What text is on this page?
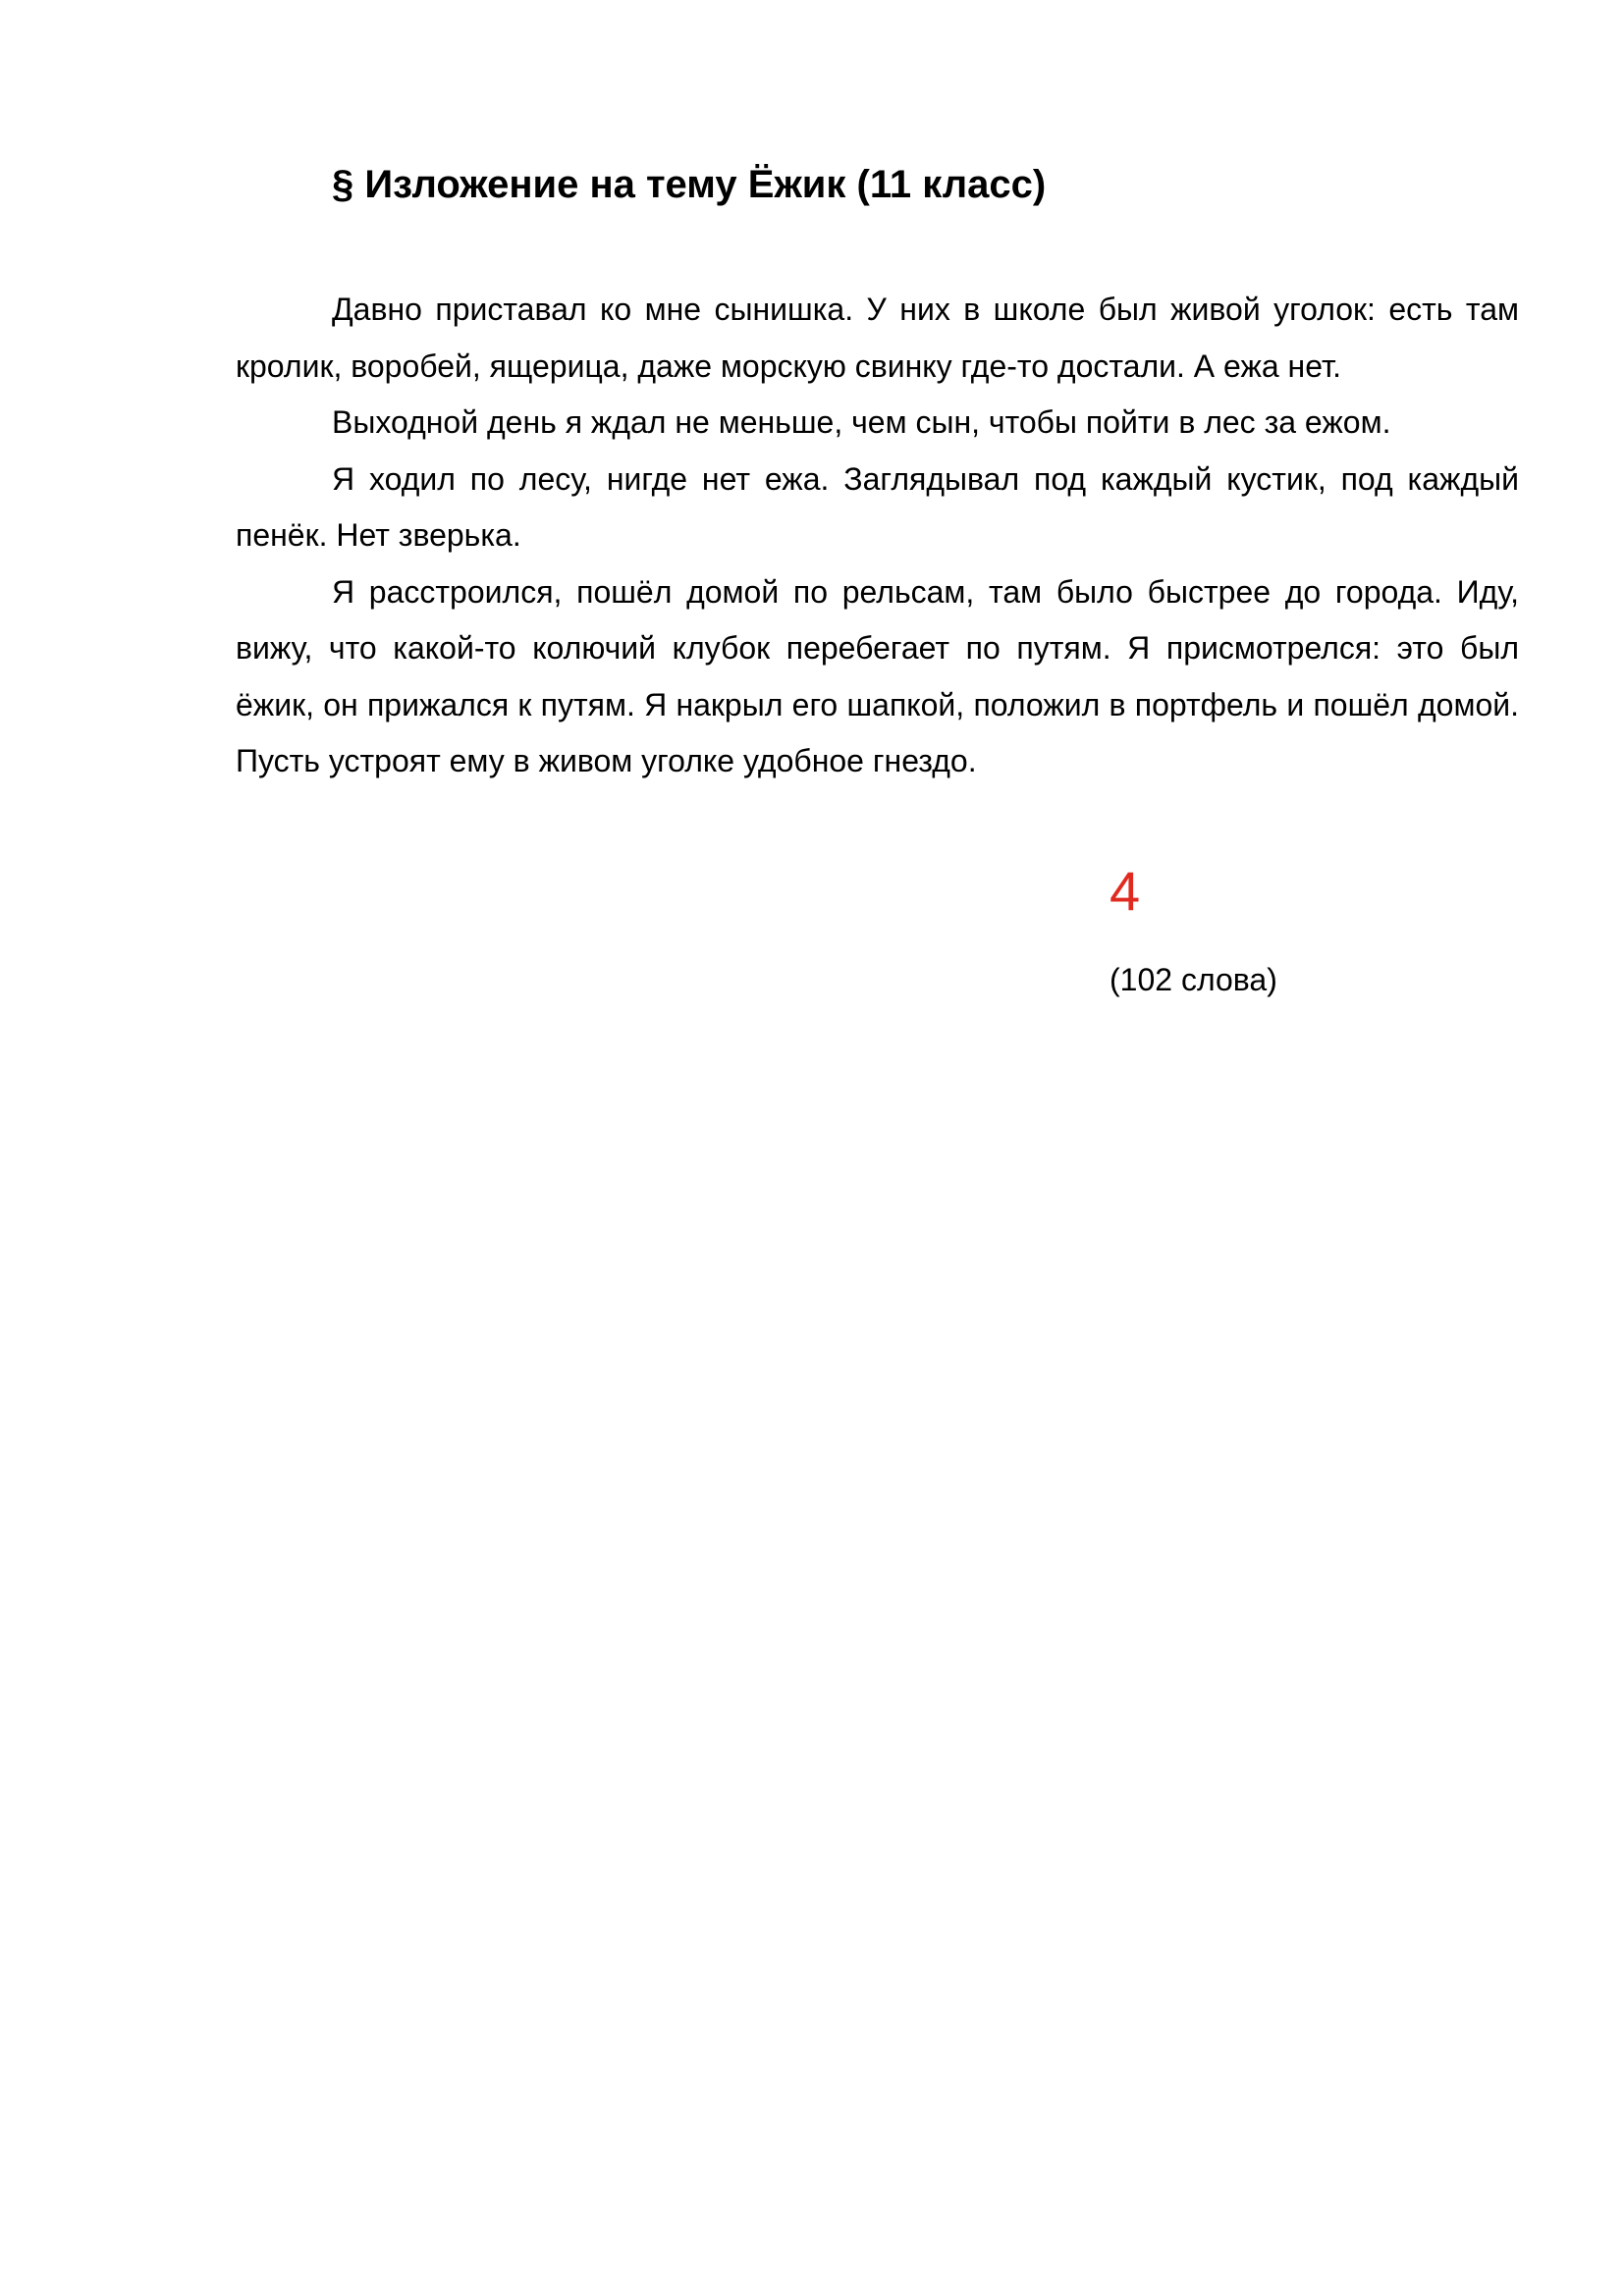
§ Изложение на тему Ёжик (11 класс)

Давно приставал ко мне сынишка. У них в школе был живой уголок: есть там кролик, воробей, ящерица, даже морскую свинку где-то достали. А ежа нет.

Выходной день я ждал не меньше, чем сын, чтобы пойти в лес за ежом.

Я ходил по лесу, нигде нет ежа. Заглядывал под каждый кустик, под каждый пенёк. Нет зверька.

Я расстроился, пошёл домой по рельсам, там было быстрее до города. Иду, вижу, что какой-то колючий клубок перебегает по путям. Я присмотрелся: это был ёжик, он прижался к путям. Я накрыл его шапкой, положил в портфель и пошёл домой. Пусть устроят ему в живом уголке удобное гнездо.

4
(102 слова)
